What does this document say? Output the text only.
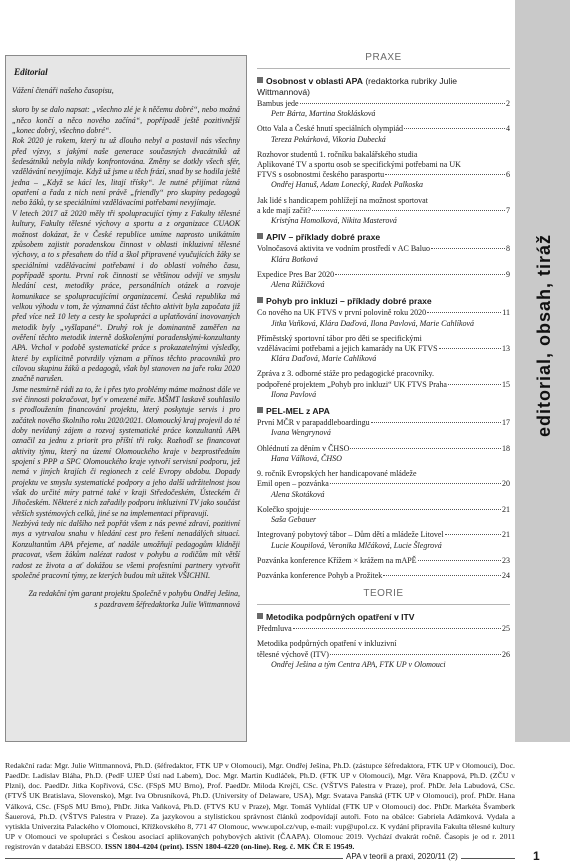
editorial, obsah, tiráž
Editorial
Vážení čtenáři našeho časopisu,

skoro by se dalo napsat: „všechno zlé je k něčemu dobré“, nebo možná „něco končí a něco nového začíná“, popřípadě ještě pozitivnější „konec dobrý, všechno dobré“.

Rok 2020 je rokem, který tu už dlouho nebyl a postavil nás všechny před výzvy, s jakými naše generace současných dvacátníků až šedesátníků nebyla nikdy konfrontována. Změny se dotkly všech sfér, vzdělávání nevyjímaje. Když už jsme u těch frází, snad by se hodila ještě jedna – „Když se kácí les, litají třísky“. Je nutné přijímat různá opatření a řada z nich není právě „friendly“ pro skupiny pedagogů nebo žáků, ty se speciálními vzdělávacími potřebami nevyjímaje.

V letech 2017 až 2020 měly tři spolupracující týmy z Fakulty tělesné kultury, Fakulty tělesné výchovy a sportu a z organizace CUAOK možnost dokázat, že v České republice umíme naprosto unikátním způsobem zajistit poradenskou činnost v oblasti inkluzivní tělesné výchovy, a to s přesahem do tříd a škol připravené vyučujících žáky se speciálními vzdělávacími potřebami i do oblasti volného času, popřípadě sportu. První rok činnosti se většinou odvíjí ve smyslu hledání cest, metodiky práce, personálních otázek a rozvoje komunikace se spolupracujícími organizacemi. Česká republika má velkou výhodu v tom, že významná část těchto aktivit byla započata již před více než 10 lety a cesty ke spolupráci a uplatňování inovovaných metodik byly „vyšlapané“. Druhý rok je dominantně zaměřen na ověření těchto metodik interně doškolenými poradenskými-konzultanty APA. Vrchol v podobě systematické práce s prokazatelnými výsledky, které by explicitně potvrdily význam a přínos těchto pracovníků pro cílovou skupinu žáků a pedagogů, však byl stanoven na jaře roku 2020 značně narušen.

Jsme nesmírně rádi za to, že i přes tyto problémy máme možnost dále ve své činnosti pokračovat, byť v omezené míře. MŠMT laskavě souhlasilo s prodloužením financování projektu, který poskytuje servis i pro začátek nového školního roku 2020/2021. Olomoucký kraj projevil do té doby nevídaný zájem a rozvoj systematické práce konzultantů APA označil za jednu z priorit pro příští tři roky. Rozhodl se financovat aktivity týmu, který na území Olomouckého kraje v bezprostředním spojení s PPP a SPC Olomouckého kraje vytvoří servisní podporu, jež nemá v jiných krajích či regionech z celé Evropy obdobu. Dopady projektu ve smyslu systematické podpory a jeho další udržitelnost jsou však do určité míry patrné také v kraji Středočeském, Ústeckém či Jihočeském. Některé z nich zařadily podporu inkluzivní TV jako součást větších systémových celků, jiné se na implementaci připravují.

Nezbývá tedy nic dalšího než popřát všem z nás pevné zdraví, pozitivní mys a vytrvalou snahu v hledání cest pro řešení nenadálých situací. Konzultantům APA přejeme, ať nadále umožňují pedagogům klidněji pracovat, všem žákům nalézat radost v pohybu a rodičům mít větší radost ze života a ať dokážou se všemi profesními partnery vytvořit společné pracovní týmy, ze kterých budou mít užitek VŠICHNI.

Za redakční tým garant projektu Společně v pohybu Ondřej Ješina,
s pozdravem šéfredaktorka Julie Wittmannová
PRAXE
Osobnost v oblasti APA (redaktorka rubriky Julie Wittmannová)
Bambus jede	2
Petr Bárta, Martina Stoklásková
Otto Vala a České hnutí speciálních olympiád	4
Tereza Pekárková, Vikoria Dubecká
Rozhovor studentů 1. ročníku bakalářského studia
Aplikované TV a sportu osob se specifickými potřebami na UK
FTVS s osobnostmi českého parasportu	6
Ondřej Hanuš, Adam Lonecký, Radek Palkoska
Jak lidé s handicapem pohlížejí na možnost sportovat
a kde mají začít?	7
Kristýna Homolková, Nikita Masterová
APIV – příklady dobré praxe
Volnočasová aktivita ve vodním prostředí v AC Baluo	8
Klára Botková
Expedice Pres Bar 2020	9
Alena Růžičková
Pohyb pro inkluzi – příklady dobré praxe
Co nového na UK FTVS v první polovině roku 2020	11
Jitka Vaňková, Klára Daďová, Ilona Pavlová, Marie Cahlíková
Příměstský sportovní tábor pro děti se specifickými
vzdělávacími potřebami a jejich kamarády na UK FTVS	13
Klára Daďová, Marie Cahlíková
Zpráva z 3. odborné stáže pro pedagogické pracovníky.
podpořené projektem „Pohyb pro inkluzi“ UK FTVS Praha	15
Ilona Pavlová
PEL-MEL z APA
První MČR v parapaddleboardingu	17
Ivana Wengrynová
Ohlédnutí za děním v ČHSO	18
Hana Válková, ČHSO
9. ročník Evropských her handicapované mládeže
Emil open – pozvánka	20
Alena Skotáková
Kolečko spojuje	21
Saša Gebauer
Integrovaný pobytový tábor – Dům dětí a mládeže Litovel	21
Lucie Koupilová, Veronika Mlčáková, Lucie Šlegrová
Pozvánka konference Křížem × krážem na mAPĚ	23
Pozvánka konference Pohyb a Prožitek	24
TEORIE
Metodika podpůrných opatření v ITV
Předmluva	25
Metodika podpůrných opatření v inkluzivní
tělesné výchově (ITV)	26
Ondřej Ješina a tým Centra APA, FTK UP v Olomouci
Redakční rada: Mgr. Julie Wittmannová, Ph.D. (šéfredaktor, FTK UP v Olomouci), Mgr. Ondřej Ješina, Ph.D. (zástupce šéfredaktora, FTK UP v Olomouci), Doc. PaedDr. Ladislav Bláha, Ph.D. (PedF UJEP Ústí nad Labem), Doc. Mgr. Martin Kudláček, Ph.D. (FTK UP v Olomouci), Mgr. Věra Knappová, Ph.D. (ZČU v Plzni), doc. PaedDr. Jitka Kopřivová, CSc. (FSpS MU Brno), Prof. PaedDr. Miloda Krejčí, CSc. (VŠTVS Palestra v Praze), prof. PhDr. Jela Labudová, CSc. (FTVŠ UK Bratislava, Slovensko), Mgr. Iva Obrusníková, Ph.D. (University of Delaware, USA), Mgr. Svatava Panská (FTK UP v Olomouci), prof. PhDr. Hana Válková, CSc. (FSpS MU Brno), PhDr. Jitka Vaňková, Ph.D. (FTVS KU v Praze), Mgr. Tomáš Vyhlídal (FTK UP v Olomouci) doc. PhDr. Markéta Švamberk Šauerová, Ph.D. (VŠTVS Palestra v Praze). Za jazykovou a stylistickou správnost článků zodpovídají autoři. Foto na obálce: Gabriela Adámková. Vydala a vytiskla Univerzita Palackého v Olomouci, Křížkovského 8, 771 47 Olomouc, www.upol.cz/vup, e-mail: vup@upol.cz. K vydání připravila Fakulta tělesné kultury UP v Olomouci ve spolupráci s Českou asociací aplikovaných pohybových aktivit (ČAAPA). Olomouc 2019. Vychází dvakrát ročně. Časopis je od r. 2011 registrován v databázi EBSCO. ISSN 1804-4204 (print). ISSN 1804-4220 (on-line). Reg. č. MK ČR E 19549.
APA v teorii a praxi, 2020/11 (2)	1
